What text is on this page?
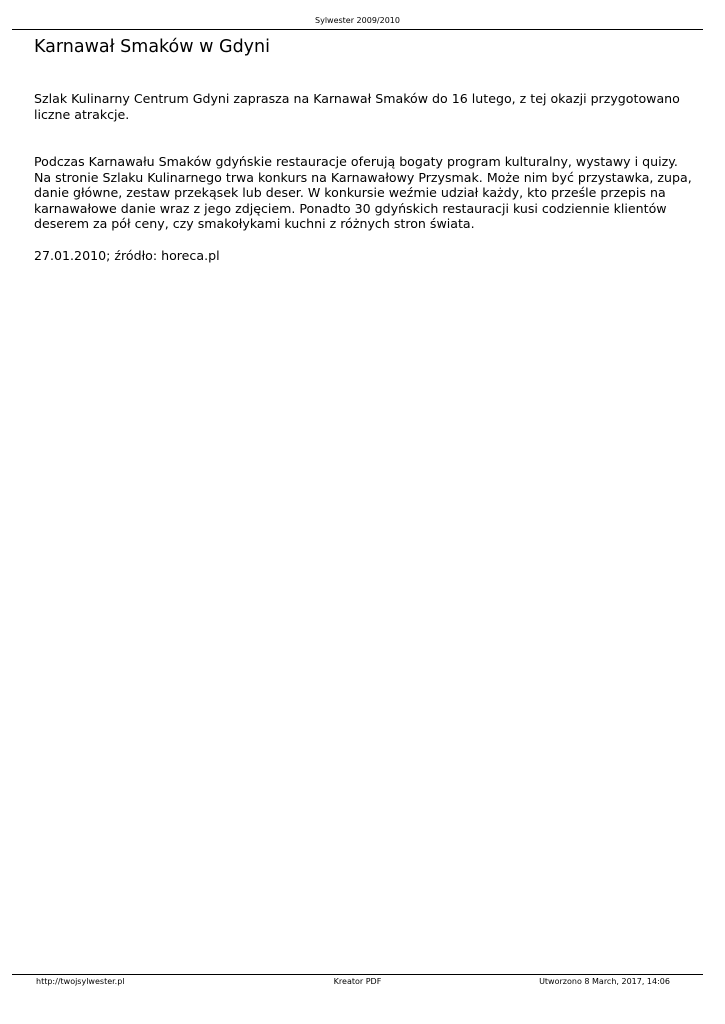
Sylwester 2009/2010
Karnawał Smaków w Gdyni

Szlak Kulinarny Centrum Gdyni zaprasza na Karnawał Smaków do 16 lutego, z tej okazji przygotowano liczne atrakcje.

Podczas Karnawału Smaków gdyńskie restauracje oferują bogaty program kulturalny, wystawy i quizy. Na stronie Szlaku Kulinarnego trwa konkurs na Karnawałowy Przysmak. Może nim być przystawka, zupa, danie główne, zestaw przekąsek lub deser. W konkursie weźmie udział każdy, kto prześle przepis na karnawałowe danie wraz z jego zdjęciem. Ponadto 30 gdyńskich restauracji kusi codziennie klientów deserem za pół ceny, czy smakołykami kuchni z różnych stron świata.

27.01.2010; źródło: horeca.pl

Kreator PDF
http://twojsylwester.pl	Utworzono 8 March, 2017, 14:06
